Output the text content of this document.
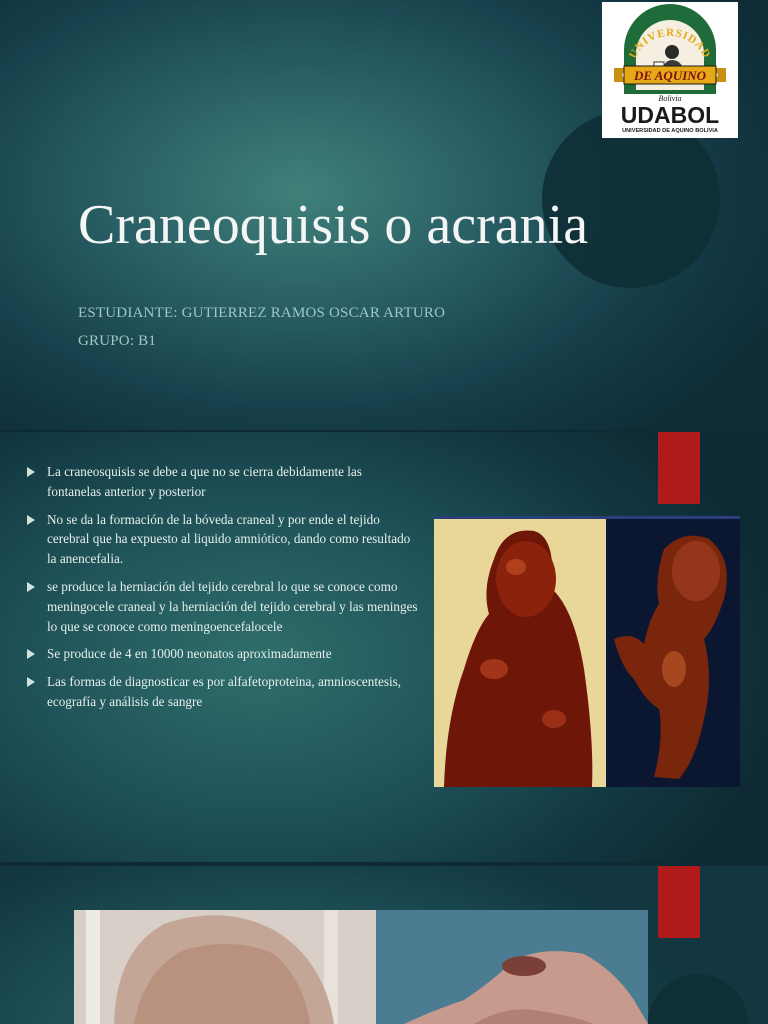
UNIVERSIDAD
DE AQUINO
Bolivia
UDABOL
UNIVERSIDAD DE AQUINO BOLIVIA
Craneoquisis o acrania
ESTUDIANTE: GUTIERREZ RAMOS OSCAR ARTURO
GRUPO: B1
La craneosquisis se debe a que no se cierra debidamente las fontanelas anterior y posterior
No se da la formación de la bóveda craneal y por ende el tejido cerebral que ha expuesto al liquido amniótico, dando como resultado la anencefalia.
se produce la herniación del tejido cerebral lo que se conoce como meningocele craneal y la herniación del tejido cerebral y las meninges lo que se conoce como meningoencefalocele
Se produce de 4 en 10000 neonatos aproximadamente
Las formas de diagnosticar es por alfafetoproteina, amnioscentesis, ecografía y análisis de sangre
